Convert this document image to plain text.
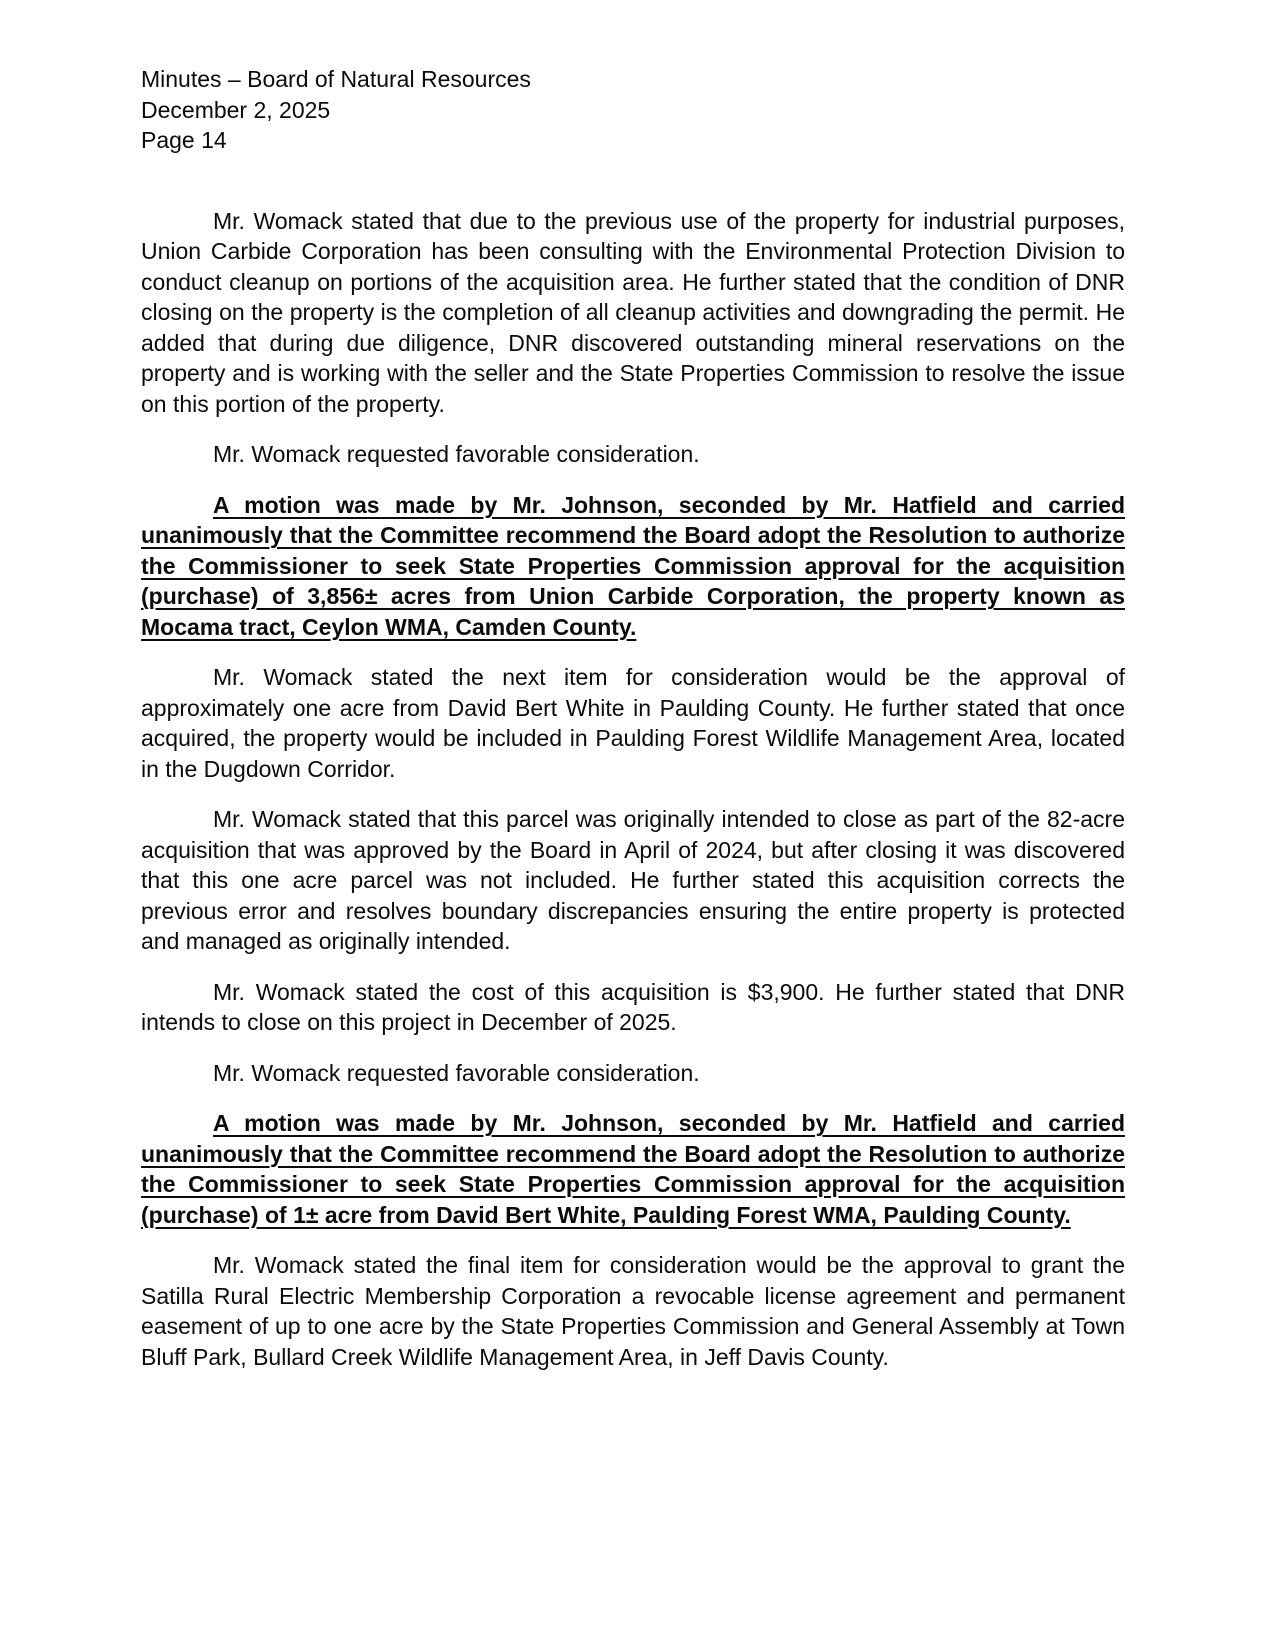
Minutes – Board of Natural Resources
December 2, 2025
Page 14

Mr. Womack stated that due to the previous use of the property for industrial purposes, Union Carbide Corporation has been consulting with the Environmental Protection Division to conduct cleanup on portions of the acquisition area. He further stated that the condition of DNR closing on the property is the completion of all cleanup activities and downgrading the permit. He added that during due diligence, DNR discovered outstanding mineral reservations on the property and is working with the seller and the State Properties Commission to resolve the issue on this portion of the property.

Mr. Womack requested favorable consideration.

A motion was made by Mr. Johnson, seconded by Mr. Hatfield and carried unanimously that the Committee recommend the Board adopt the Resolution to authorize the Commissioner to seek State Properties Commission approval for the acquisition (purchase) of 3,856± acres from Union Carbide Corporation, the property known as Mocama tract, Ceylon WMA, Camden County.

Mr. Womack stated the next item for consideration would be the approval of approximately one acre from David Bert White in Paulding County. He further stated that once acquired, the property would be included in Paulding Forest Wildlife Management Area, located in the Dugdown Corridor.

Mr. Womack stated that this parcel was originally intended to close as part of the 82-acre acquisition that was approved by the Board in April of 2024, but after closing it was discovered that this one acre parcel was not included. He further stated this acquisition corrects the previous error and resolves boundary discrepancies ensuring the entire property is protected and managed as originally intended.

Mr. Womack stated the cost of this acquisition is $3,900. He further stated that DNR intends to close on this project in December of 2025.

Mr. Womack requested favorable consideration.

A motion was made by Mr. Johnson, seconded by Mr. Hatfield and carried unanimously that the Committee recommend the Board adopt the Resolution to authorize the Commissioner to seek State Properties Commission approval for the acquisition (purchase) of 1± acre from David Bert White, Paulding Forest WMA, Paulding County.

Mr. Womack stated the final item for consideration would be the approval to grant the Satilla Rural Electric Membership Corporation a revocable license agreement and permanent easement of up to one acre by the State Properties Commission and General Assembly at Town Bluff Park, Bullard Creek Wildlife Management Area, in Jeff Davis County.
